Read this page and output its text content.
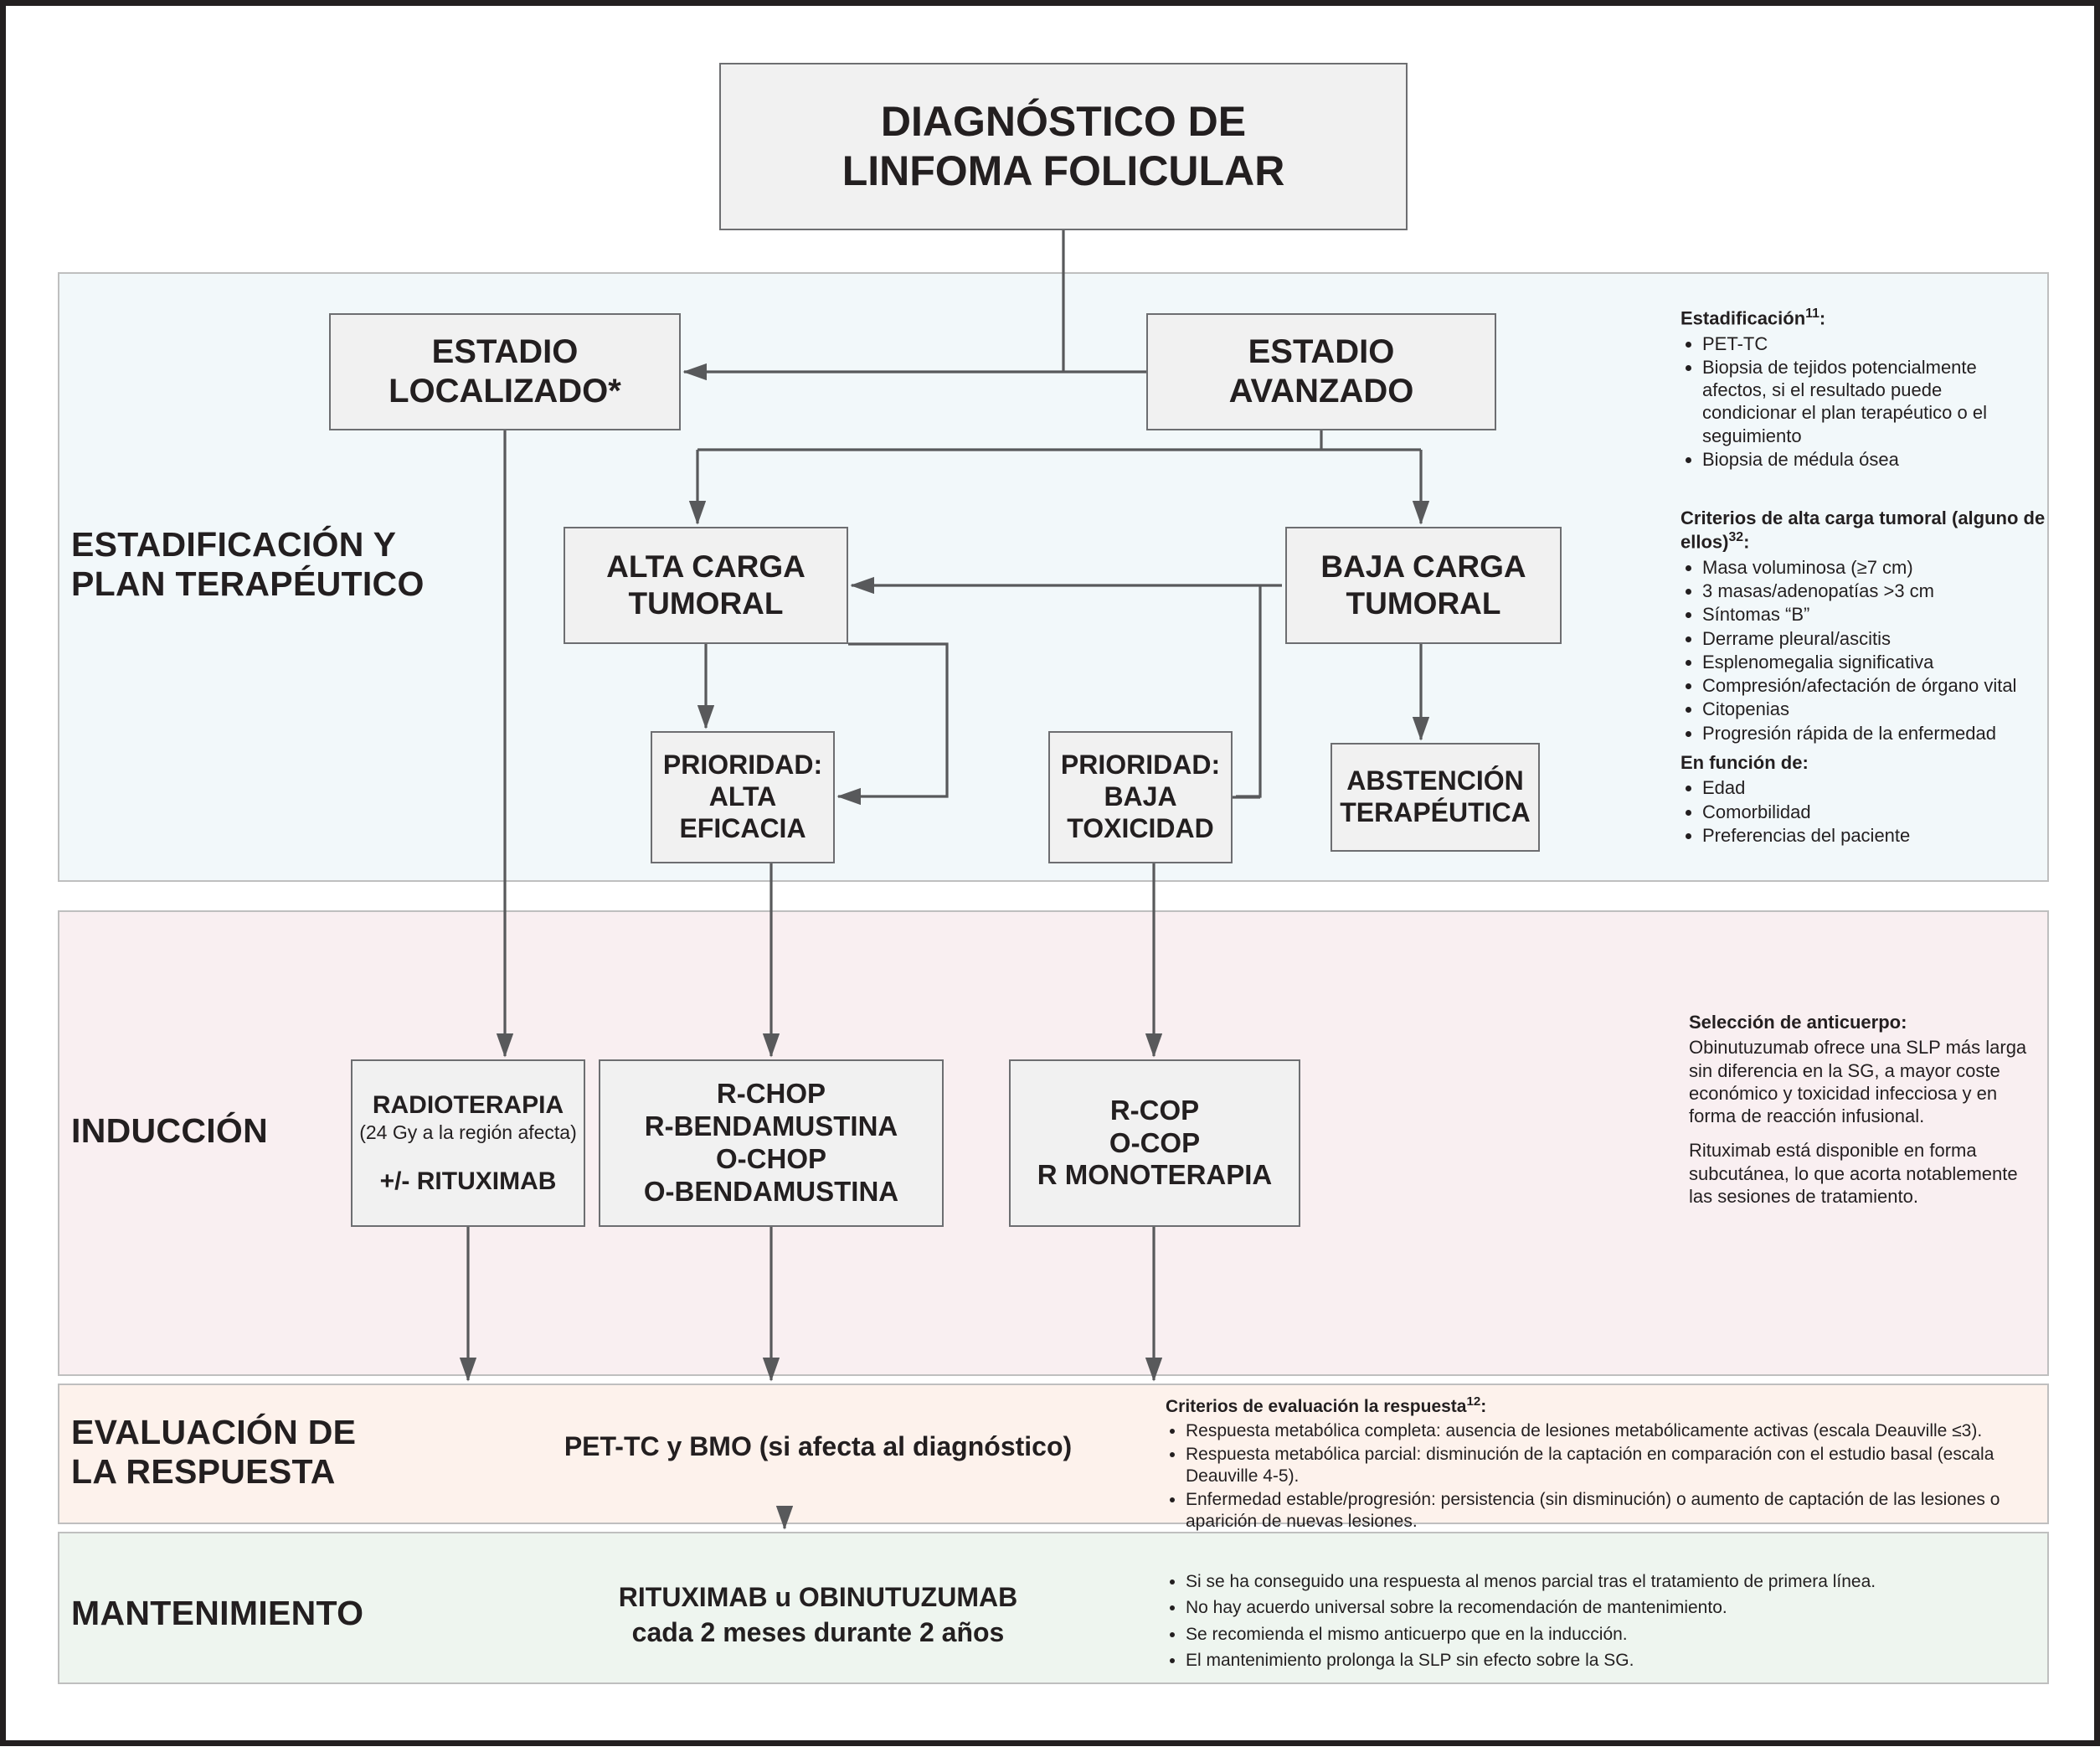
ESTADIFICACIÓN Y
PLAN TERAPÉUTICO
INDUCCIÓN
EVALUACIÓN DE
LA RESPUESTA
MANTENIMIENTO
DIAGNÓSTICO DE
LINFOMA FOLICULAR
ESTADIO
LOCALIZADO*
ESTADIO
AVANZADO
ALTA CARGA
TUMORAL
BAJA CARGA
TUMORAL
PRIORIDAD:
ALTA
EFICACIA
PRIORIDAD:
BAJA
TOXICIDAD
ABSTENCIÓN
TERAPÉUTICA
RADIOTERAPIA
(24 Gy a la región afecta)
+/- RITUXIMAB
R-CHOP
R-BENDAMUSTINA
O-CHOP
O-BENDAMUSTINA
R-COP
O-COP
R MONOTERAPIA
Estadificación$^{11}$:
• PET-TC
• Biopsia de tejidos potencialmente afectos, si el resultado puede condicionar el plan terapéutico o el seguimiento
• Biopsia de médula ósea
Criterios de alta carga tumoral (alguno de ellos)$^{32}$:
• Masa voluminosa (≥7 cm)
• 3 masas/adenopatías >3 cm
• Síntomas “B”
• Derrame pleural/ascitis
• Esplenomegalia significativa
• Compresión/afectación de órgano vital
• Citopenias
• Progresión rápida de la enfermedad
En función de:
• Edad
• Comorbilidad
• Preferencias del paciente
Selección de anticuerpo:

Obinutuzumab ofrece una SLP más larga sin diferencia en la SG, a mayor coste económico y toxicidad infecciosa y en forma de reacción infusional.

Rituximab está disponible en forma subcutánea, lo que acorta notablemente las sesiones de tratamiento.

Criterios de evaluación la respuesta$^{12}$:
• Respuesta metabólica completa: ausencia de lesiones metabólicamente activas (escala Deauville ≤3).
• Respuesta metabólica parcial: disminución de la captación en comparación con el estudio basal (escala Deauville 4-5).
• Enfermedad estable/progresión: persistencia (sin disminución) o aumento de captación de las lesiones o aparición de nuevas lesiones.
• Si se ha conseguido una respuesta al menos parcial tras el tratamiento de primera línea.
• No hay acuerdo universal sobre la recomendación de mantenimiento.
• Se recomienda el mismo anticuerpo que en la inducción.
• El mantenimiento prolonga la SLP sin efecto sobre la SG.
PET-TC y BMO (si afecta al diagnóstico)
RITUXIMAB u OBINUTUZUMAB
cada 2 meses durante 2 años
